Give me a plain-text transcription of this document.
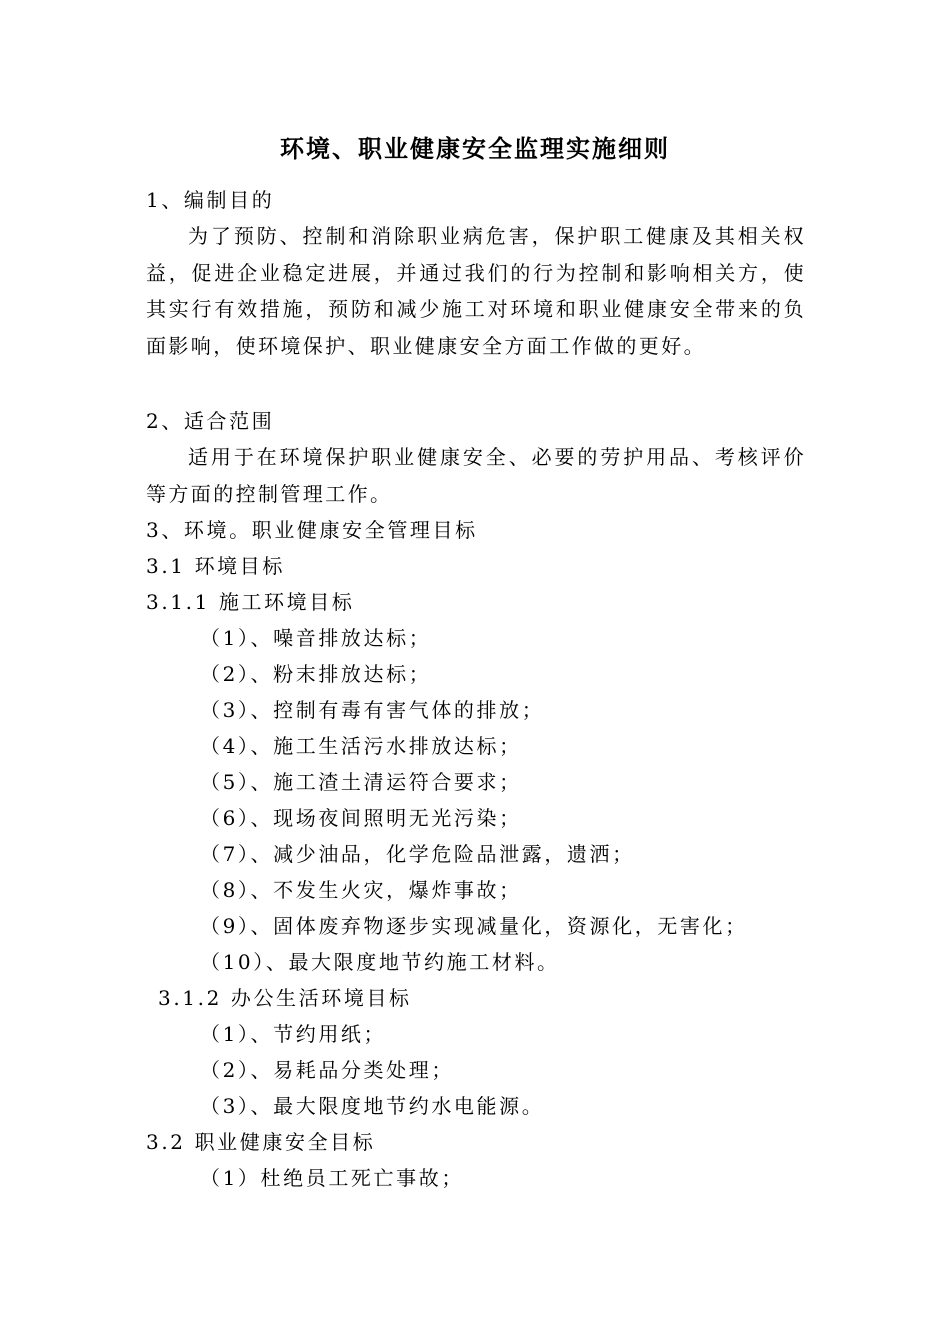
环境、职业健康安全监理实施细则
1、编制目的
为了预防、控制和消除职业病危害，保护职工健康及其相关权益，促进企业稳定进展，并通过我们的行为控制和影响相关方，使其实行有效措施，预防和减少施工对环境和职业健康安全带来的负面影响，使环境保护、职业健康安全方面工作做的更好。
2、适合范围
适用于在环境保护职业健康安全、必要的劳护用品、考核评价等方面的控制管理工作。
3、环境。职业健康安全管理目标
3.1 环境目标
3.1.1 施工环境目标
（1）、噪音排放达标；
（2）、粉末排放达标；
（3）、控制有毒有害气体的排放；
（4）、施工生活污水排放达标；
（5）、施工渣土清运符合要求；
（6）、现场夜间照明无光污染；
（7）、减少油品，化学危险品泄露，遗洒；
（8）、不发生火灾，爆炸事故；
（9）、固体废弃物逐步实现减量化，资源化，无害化；
（10）、最大限度地节约施工材料。
3.1.2 办公生活环境目标
（1）、节约用纸；
（2）、易耗品分类处理；
（3）、最大限度地节约水电能源。
3.2 职业健康安全目标
（1）杜绝员工死亡事故；
